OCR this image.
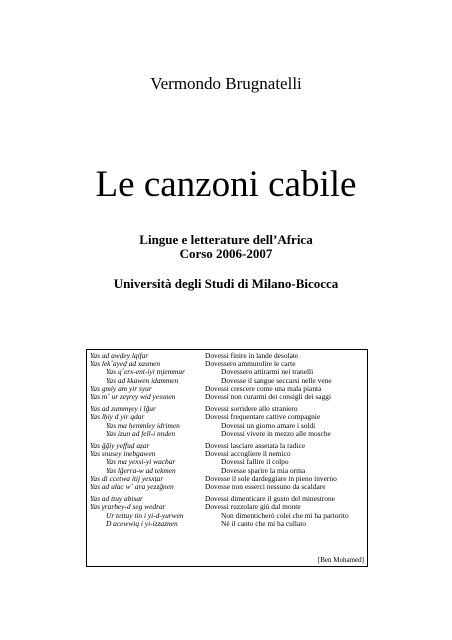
Vermondo Brugnatelli
Le canzoni cabile
Lingue e letterature dell’Africa
Corso 2006-2007
Università degli Studi di Milano-Bicocca
[Ben Mohamed]
Yas ad awḍey lqifar	Dovessi finire in lande desolate
Yas lek˚ayeḍ ad xasmen	Dovessero ammutolire le carte
Yas q˚erx-ent-iyi tnjemmur	Dovessero attirarmi nei tranelli
Yas ad kkawen idammen	Dovesse il sangue seccarsi nelle vene
Yas gmiy am yir syur	Dovessi crescere come una mala pianta
Yas m˚ ur zeγrey wid yessnen	Dovessi non curarmi dei consigli dei saggi
Yas ad zummγey i lḡur	Dovessi sorridere allo straniero
Yas lḥiy d yir qdar	Dovessi frequentare cattive compagnie
Yas ma ḥemmley idrimen	Dovessi un giorno amare i soldi
Yas izun ad fell-i nnden	Dovessi vivere in mezzo alle mosche
Yas ǧǧiy yeffuḍ aẓar	Dovessi lasciare assetata la radice
Yas snusey inebgawen	Dovessi accogliere il nemico
Yas ma yexsi-yi wacbar	Dovessi fallire il colpo
Yas lǧerra-w ad tekmen	Dovesse sparire la mia orma
Yas di ccetwa itij yesxṭar	Dovesse il sole dardeggiare in pieno inverno
Yas ad ulac w˚ ara yezzḡnen	Dovesse non esserci nessuno da scaldare
Yas ad ttuy abisar	Dovessi dimenticare il gusto del minestrone
Yas γrarbey-d seg wedrar	Dovessi ruzzolare giù dal monte
Ur tettuy tin i yi-d-yurwen	Non dimenticherò colei che mi ha partorito
D acewwiq i yi-izzaznen	Né il canto che mi ha cullato
